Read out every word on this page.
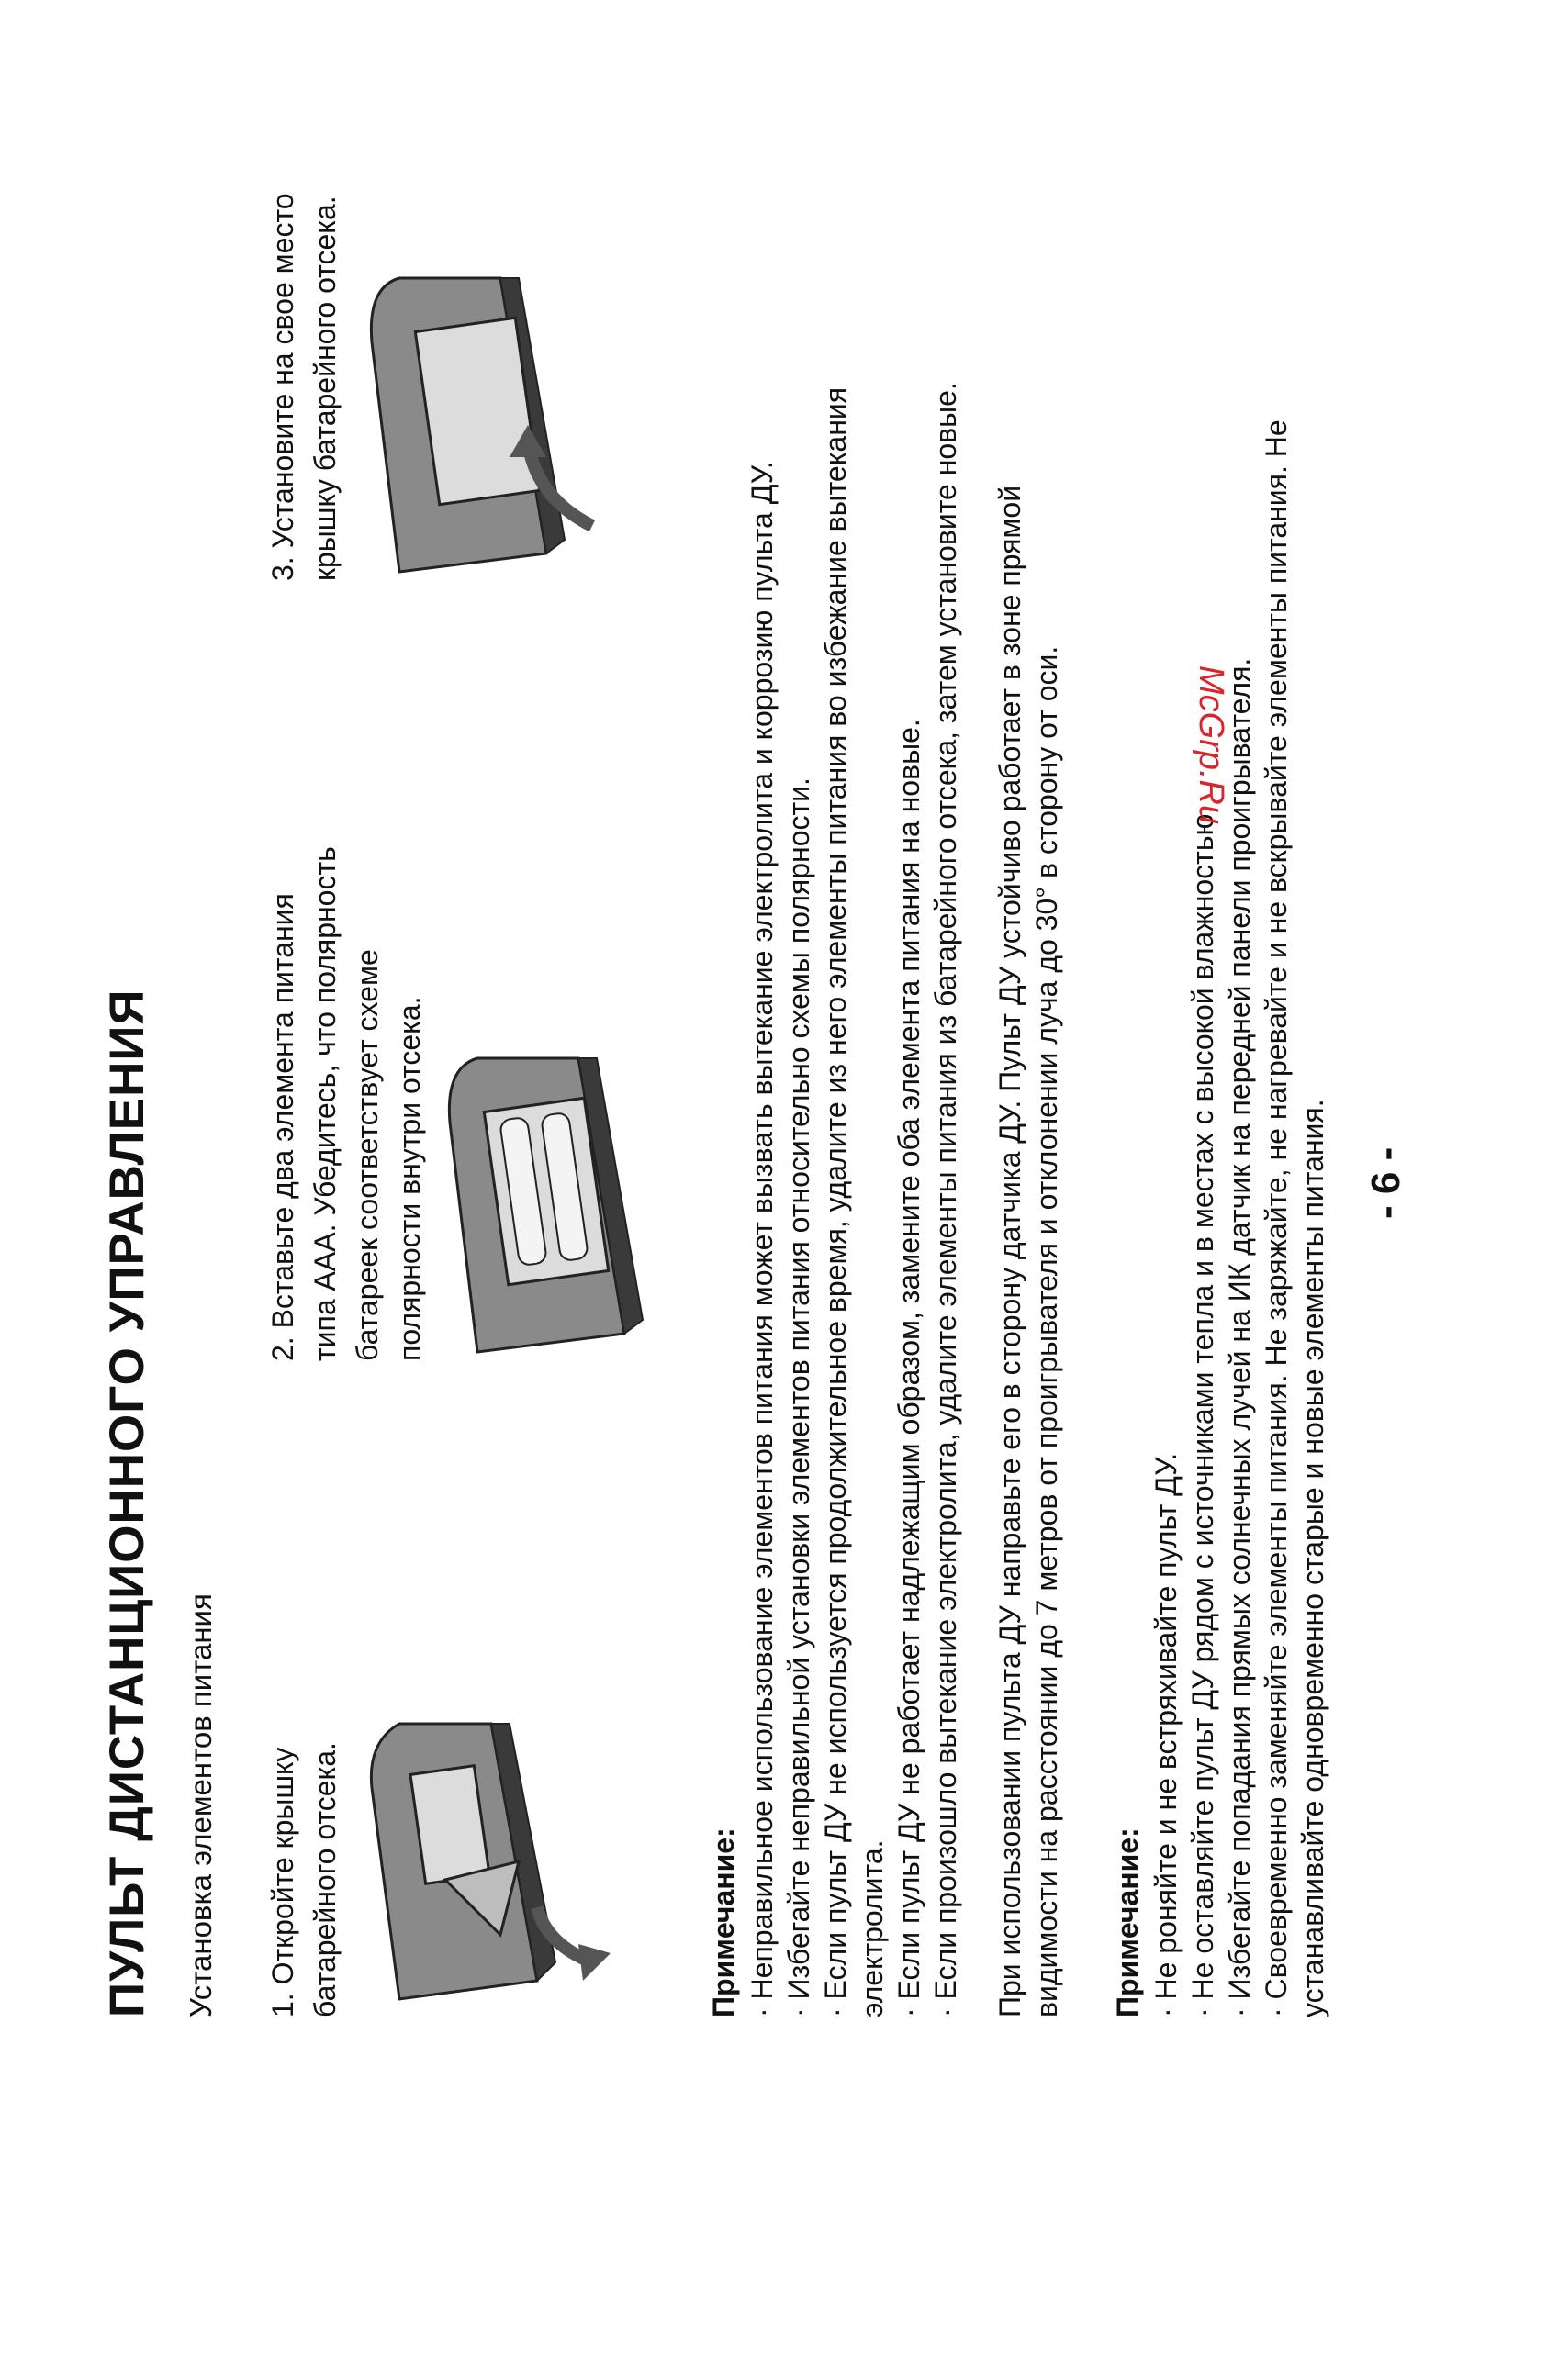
ПУЛЬТ ДИСТАНЦИОННОГО УПРАВЛЕНИЯ Установка элементов питания 1. Откройте крышку
батарейного отсека.
2. Вставьте два элемента питания
типа ААА. Убедитесь, что полярность
батареек соответствует схеме
полярности внутри отсека.
3. Установите на свое место
крышку батарейного отсека.
Примечание: · Неправильное использование элементов питания может вызвать вытекание электролита и коррозию пульта ДУ. · Избегайте неправильной установки элементов питания относительно схемы полярности. · Если пульт ДУ не используется продолжительное время, удалите из него элементы питания во избежание вытекания электролита. · Если пульт ДУ не работает надлежащим образом, замените оба элемента питания на новые. · Если произошло вытекание электролита, удалите элементы питания из батарейного отсека, затем установите новые. При использовании пульта ДУ направьте его в сторону датчика ДУ. Пульт ДУ устойчиво работает в зоне прямой видимости на расстоянии до 7 метров от проигрывателя и отклонении луча до 30° в сторону от оси. Примечание: · Не роняйте и не встряхивайте пульт ДУ. · Не оставляйте пульт ДУ рядом с источниками тепла и в местах с высокой влажностью. · Избегайте попадания прямых солнечных лучей на ИК датчик на передней панели проигрывателя. · Своевременно заменяйте элементы питания. Не заряжайте, не нагревайте и не вскрывайте элементы питания. Не устанавливайте одновременно старые и новые элементы питания. - 6 -
McGrp.Ru
